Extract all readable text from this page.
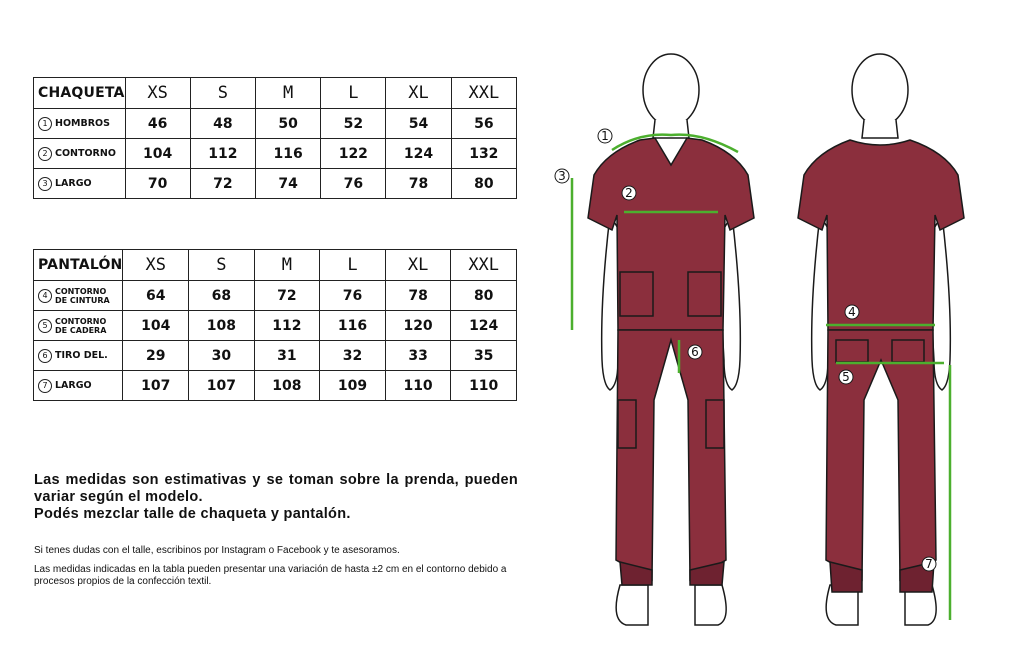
CHAQUETA	XS	S	M	L	XL	XXL

1 HOMBROS	46	48	50	52	54	56

2 CONTORNO	104	112	116	122	124	132

3 LARGO	70	72	74	76	78	80
PANTALÓN	XS	S	M	L	XL	XXL

4 CONTORNO
DE CINTURA	64	68	72	76	78	80

5 CONTORNO
DE CADERA	104	108	112	116	120	124

6 TIRO DEL.	29	30	31	32	33	35

7 LARGO	107	107	108	109	110	110

Las medidas son estimativas y se toman sobre la prenda, pueden variar según el modelo.

Podés mezclar talle de chaqueta y pantalón.

Si tenes dudas con el talle, escribinos por Instagram o Facebook y te asesoramos.

Las medidas indicadas en la tabla pueden presentar una variación de hasta ±2 cm en el contorno debido a procesos propios de la confección textil.

1
2
3
4
5
6
7
